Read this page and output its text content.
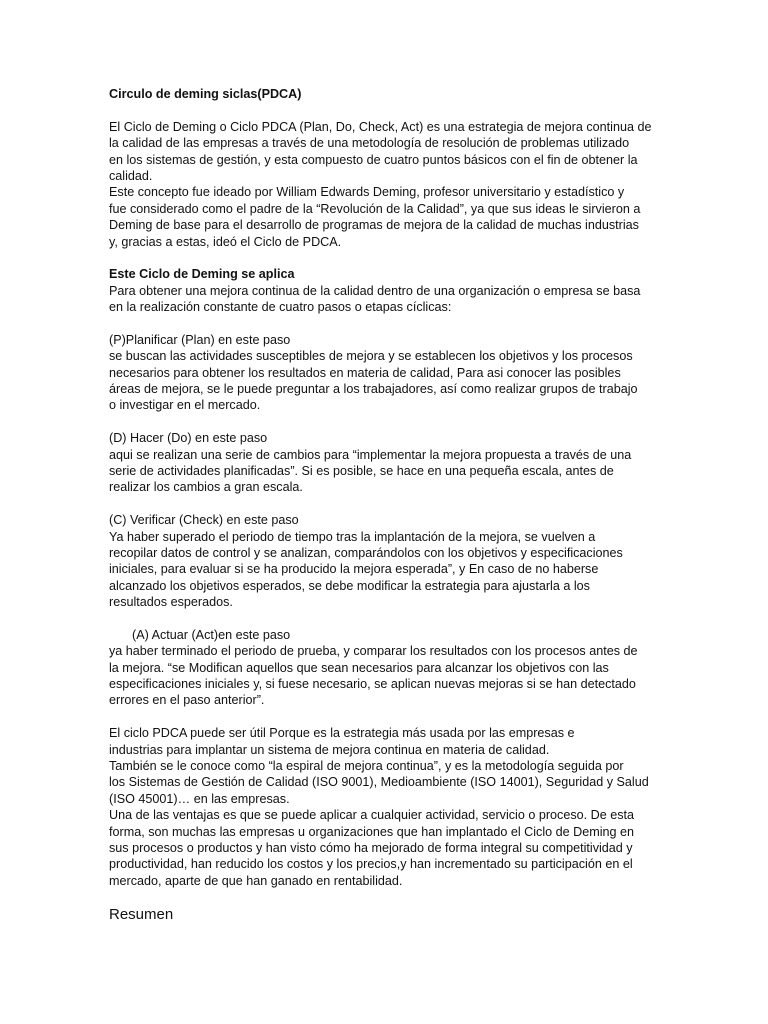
Circulo de deming siclas(PDCA)
El Ciclo de Deming o Ciclo PDCA (Plan, Do, Check, Act) es una estrategia de mejora continua de
la calidad de las empresas a través de una metodología de resolución de problemas utilizado
en los sistemas de gestión, y esta compuesto de cuatro puntos básicos con el fin de obtener la
calidad.
Este concepto fue ideado por William Edwards Deming, profesor universitario y estadístico y
fue considerado como el padre de la “Revolución de la Calidad”, ya que sus ideas le sirvieron a
Deming de base para el desarrollo de programas de mejora de la calidad de muchas industrias
y, gracias a estas, ideó el Ciclo de PDCA.
Este Ciclo de Deming se aplica
Para obtener una mejora continua de la calidad dentro de una organización o empresa se basa
en la realización constante de cuatro pasos o etapas cíclicas:
(P)Planificar (Plan) en este paso
se buscan las actividades susceptibles de mejora y se establecen los objetivos y los procesos
necesarios para obtener los resultados en materia de calidad, Para asi conocer las posibles
áreas de mejora, se le puede preguntar a los trabajadores, así como realizar grupos de trabajo
o investigar en el mercado.
(D) Hacer (Do) en este paso
aqui se realizan una serie de cambios para “implementar la mejora propuesta a través de una
serie de actividades planificadas”. Si es posible, se hace en una pequeña escala, antes de
realizar los cambios a gran escala.
(C) Verificar (Check) en este paso
Ya haber superado el periodo de tiempo tras la implantación de la mejora, se vuelven a
recopilar datos de control y se analizan, comparándolos con los objetivos y especificaciones
iniciales, para evaluar si se ha producido la mejora esperada”, y En caso de no haberse
alcanzado los objetivos esperados, se debe modificar la estrategia para ajustarla a los
resultados esperados.
(A) Actuar (Act)en este paso
ya haber terminado el periodo de prueba, y comparar los resultados con los procesos antes de
la mejora. “se Modifican aquellos que sean necesarios para alcanzar los objetivos con las
especificaciones iniciales y, si fuese necesario, se aplican nuevas mejoras si se han detectado
errores en el paso anterior”.
El ciclo PDCA puede ser útil Porque es la estrategia más usada por las empresas e
industrias para implantar un sistema de mejora continua en materia de calidad.
También se le conoce como “la espiral de mejora continua”, y es la metodología seguida por
los Sistemas de Gestión de Calidad (ISO 9001), Medioambiente (ISO 14001), Seguridad y Salud
(ISO 45001)… en las empresas.
Una de las ventajas es que se puede aplicar a cualquier actividad, servicio o proceso. De esta
forma, son muchas las empresas u organizaciones que han implantado el Ciclo de Deming en
sus procesos o productos y han visto cómo ha mejorado de forma integral su competitividad y
productividad, han reducido los costos y los precios,y han incrementado su participación en el
mercado, aparte de que han ganado en rentabilidad.
Resumen
